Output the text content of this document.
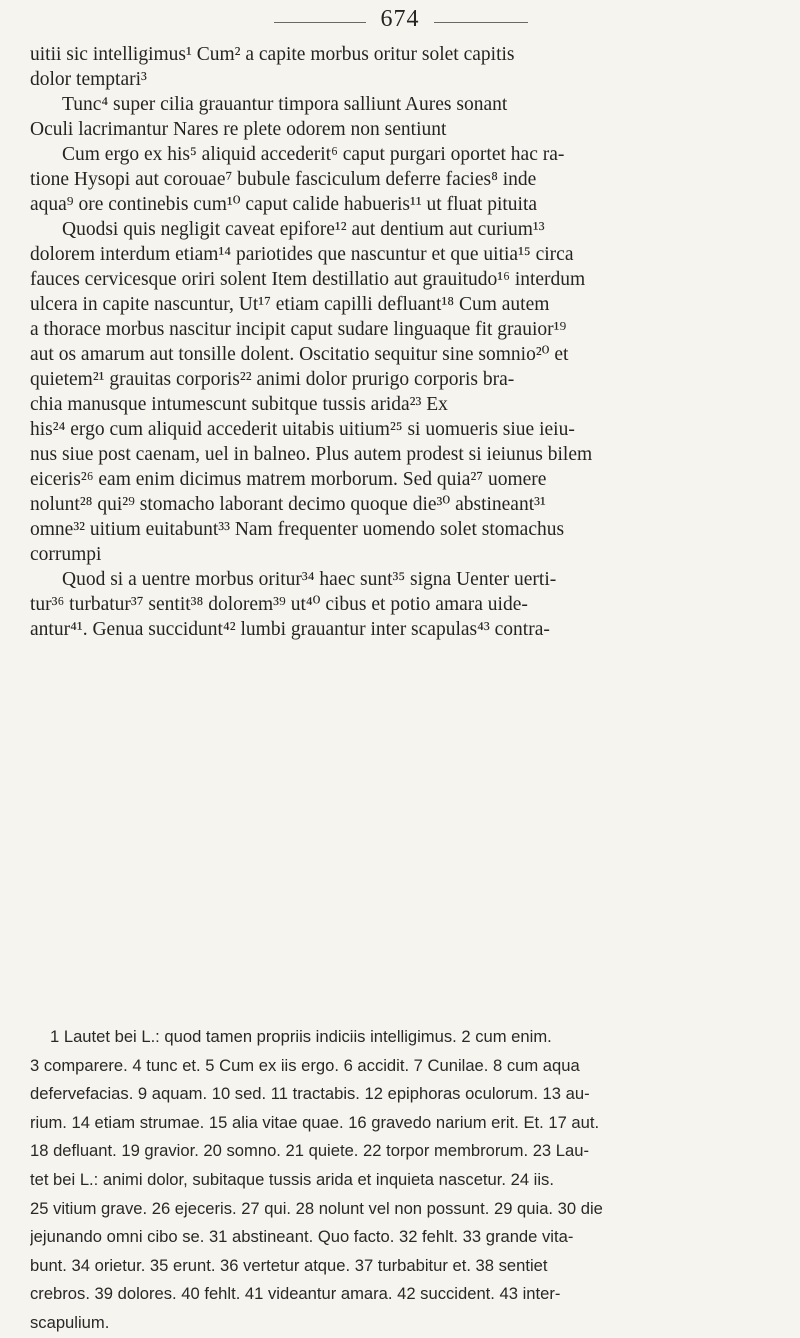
674
uitii sic intelligimus¹ Cum² a capite morbus oritur solet capitis
dolor temptari³
Tunc⁴ super cilia grauantur timpora salliunt Aures sonant
Oculi lacrimantur Nares re plete odorem non sentiunt
Cum ergo ex his⁵ aliquid accederit⁶ caput purgari oportet hac ra-
tione Hysopi aut corouae⁷ bubule fasciculum deferre facies⁸ inde
aqua⁹ ore continebis cum¹⁰ caput calide habueris¹¹ ut fluat pituita
Quodsi quis negligit caveat epifore¹² aut dentium aut curium¹³
dolorem interdum etiam¹⁴ pariotides que nascuntur et que uitia¹⁵ circa
fauces cervicesque oriri solent Item destillatio aut grauitudo¹⁶ interdum
ulcera in capite nascuntur, Ut¹⁷ etiam capilli defluant¹⁸ Cum autem
a thorace morbus nascitur incipit caput sudare linguaque fit grauior¹⁹
aut os amarum aut tonsille dolent. Oscitatio sequitur sine somnio²⁰ et
quietem²¹ grauitas corporis²² animi dolor prurigo corporis bra-
chia manusque intumescunt subitque tussis arida²³ Ex
his²⁴ ergo cum aliquid accederit uitabis uitium²⁵ si uomueris siue ieiu-
nus siue post caenam, uel in balneo. Plus autem prodest si ieiunus bilem
eiceris²⁶ eam enim dicimus matrem morborum. Sed quia²⁷ uomere
nolunt²⁸ qui²⁹ stomacho laborant decimo quoque die³⁰ abstineant³¹
omne³² uitium euitabunt³³ Nam frequenter uomendo solet stomachus
corrumpi
Quod si a uentre morbus oritur³⁴ haec sunt³⁵ signa Uenter uerti-
tur³⁶ turbatur³⁷ sentit³⁸ dolorem³⁹ ut⁴⁰ cibus et potio amara uide-
antur⁴¹. Genua succidunt⁴² lumbi grauantur inter scapulas⁴³ contra-
1 Lautet bei L.: quod tamen propriis indiciis intelligimus. 2 cum enim.
3 comparere. 4 tunc et. 5 Cum ex iis ergo. 6 accidit. 7 Cunilae. 8 cum aqua
defervefacias. 9 aquam. 10 sed. 11 tractabis. 12 epiphoras oculorum. 13 au-
rium. 14 etiam strumae. 15 alia vitae quae. 16 gravedo narium erit. Et. 17 aut.
18 defluant. 19 gravior. 20 somno. 21 quiete. 22 torpor membrorum. 23 Lau-
tet bei L.: animi dolor, subitaque tussis arida et inquieta nascetur. 24 iis.
25 vitium grave. 26 ejeceris. 27 qui. 28 nolunt vel non possunt. 29 quia. 30 die
jejunando omni cibo se. 31 abstineant. Quo facto. 32 fehlt. 33 grande vita-
bunt. 34 orietur. 35 erunt. 36 vertetur atque. 37 turbabitur et. 38 sentiet
crebros. 39 dolores. 40 fehlt. 41 videantur amara. 42 succident. 43 inter-
scapulium.
